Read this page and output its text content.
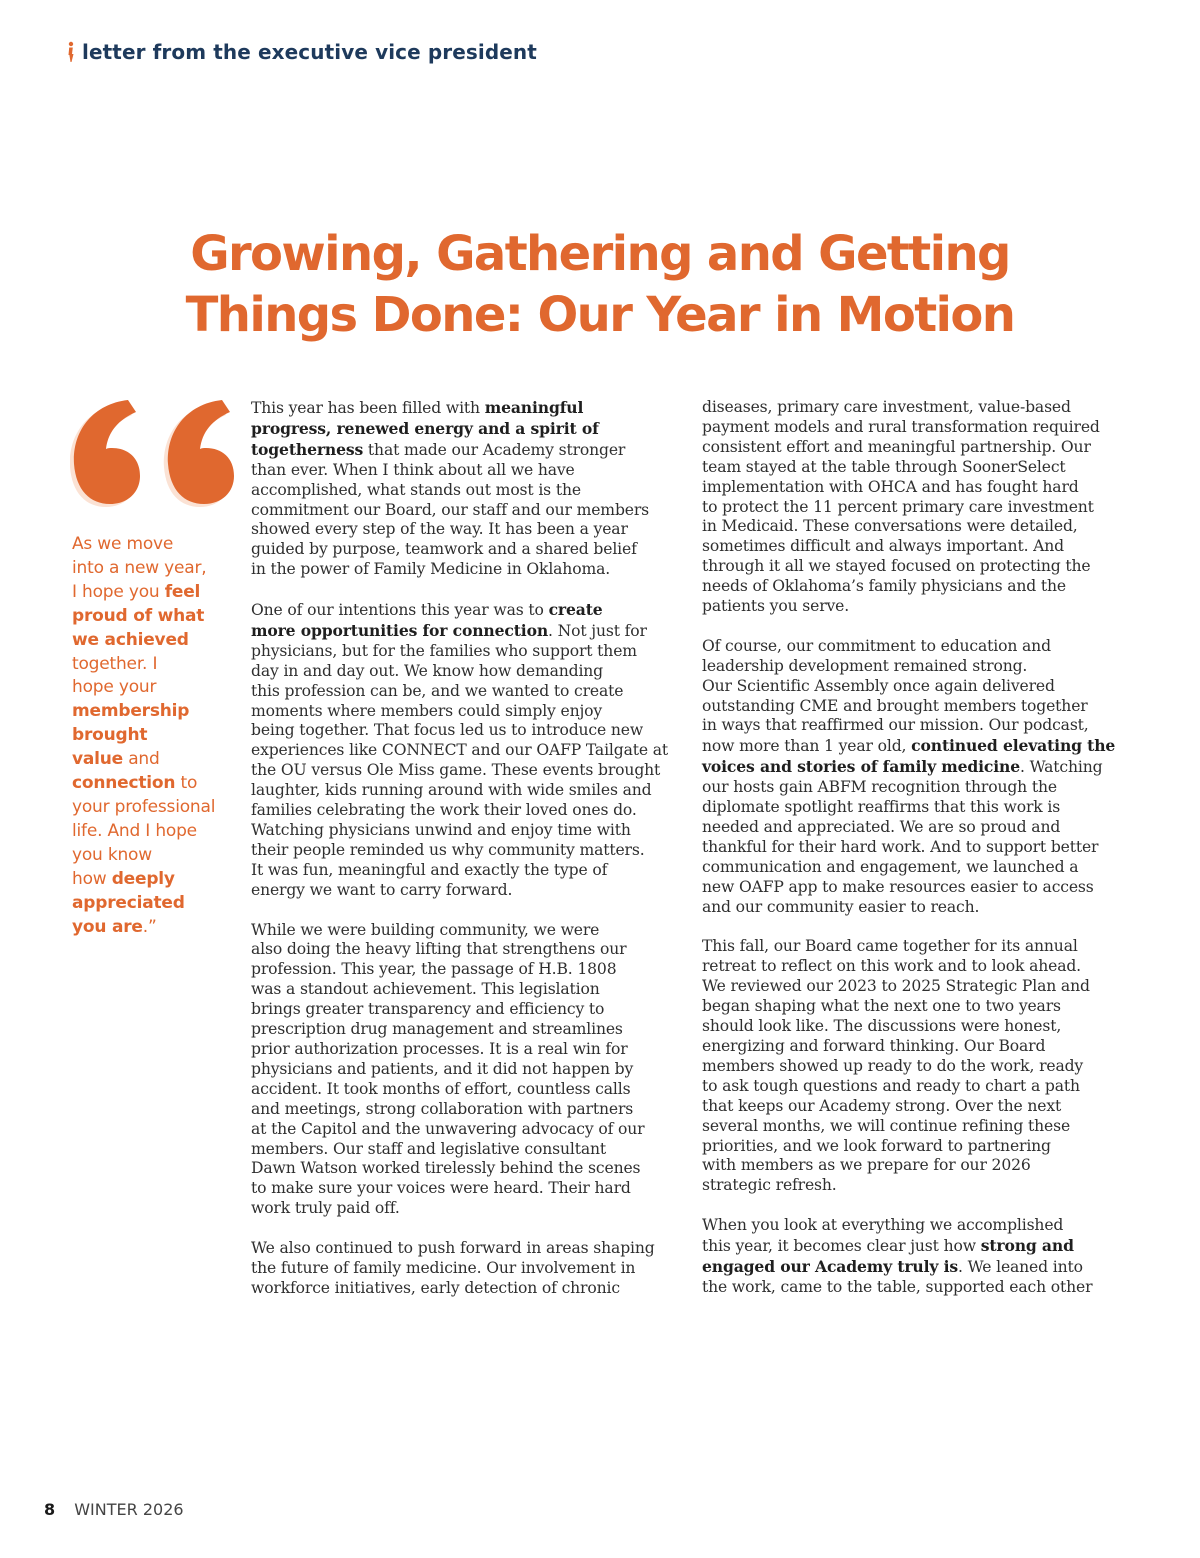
letter from the executive vice president
Growing, Gathering and Getting
Things Done: Our Year in Motion
As we move
into a new year,
I hope you feel
proud of what
we achieved
together. I
hope your
membership
brought
value and
connection to
your professional
life. And I hope
you know
how deeply
appreciated
you are.”

This year has been filled with meaningful
progress, renewed energy and a spirit of
togetherness that made our Academy stronger
than ever. When I think about all we have
accomplished, what stands out most is the
commitment our Board, our staff and our members
showed every step of the way. It has been a year
guided by purpose, teamwork and a shared belief
in the power of Family Medicine in Oklahoma.

One of our intentions this year was to create
more opportunities for connection. Not just for
physicians, but for the families who support them
day in and day out. We know how demanding
this profession can be, and we wanted to create
moments where members could simply enjoy
being together. That focus led us to introduce new
experiences like CONNECT and our OAFP Tailgate at
the OU versus Ole Miss game. These events brought
laughter, kids running around with wide smiles and
families celebrating the work their loved ones do.
Watching physicians unwind and enjoy time with
their people reminded us why community matters.
It was fun, meaningful and exactly the type of
energy we want to carry forward.

While we were building community, we were
also doing the heavy lifting that strengthens our
profession. This year, the passage of H.B. 1808
was a standout achievement. This legislation
brings greater transparency and efficiency to
prescription drug management and streamlines
prior authorization processes. It is a real win for
physicians and patients, and it did not happen by
accident. It took months of effort, countless calls
and meetings, strong collaboration with partners
at the Capitol and the unwavering advocacy of our
members. Our staff and legislative consultant
Dawn Watson worked tirelessly behind the scenes
to make sure your voices were heard. Their hard
work truly paid off.

We also continued to push forward in areas shaping
the future of family medicine. Our involvement in
workforce initiatives, early detection of chronic

diseases, primary care investment, value-based
payment models and rural transformation required
consistent effort and meaningful partnership. Our
team stayed at the table through SoonerSelect
implementation with OHCA and has fought hard
to protect the 11 percent primary care investment
in Medicaid. These conversations were detailed,
sometimes difficult and always important. And
through it all we stayed focused on protecting the
needs of Oklahoma’s family physicians and the
patients you serve.

Of course, our commitment to education and
leadership development remained strong.
Our Scientific Assembly once again delivered
outstanding CME and brought members together
in ways that reaffirmed our mission. Our podcast,
now more than 1 year old, continued elevating the
voices and stories of family medicine. Watching
our hosts gain ABFM recognition through the
diplomate spotlight reaffirms that this work is
needed and appreciated. We are so proud and
thankful for their hard work. And to support better
communication and engagement, we launched a
new OAFP app to make resources easier to access
and our community easier to reach.

This fall, our Board came together for its annual
retreat to reflect on this work and to look ahead.
We reviewed our 2023 to 2025 Strategic Plan and
began shaping what the next one to two years
should look like. The discussions were honest,
energizing and forward thinking. Our Board
members showed up ready to do the work, ready
to ask tough questions and ready to chart a path
that keeps our Academy strong. Over the next
several months, we will continue refining these
priorities, and we look forward to partnering
with members as we prepare for our 2026
strategic refresh.

When you look at everything we accomplished
this year, it becomes clear just how strong and
engaged our Academy truly is. We leaned into
the work, came to the table, supported each other

8 WINTER 2026
